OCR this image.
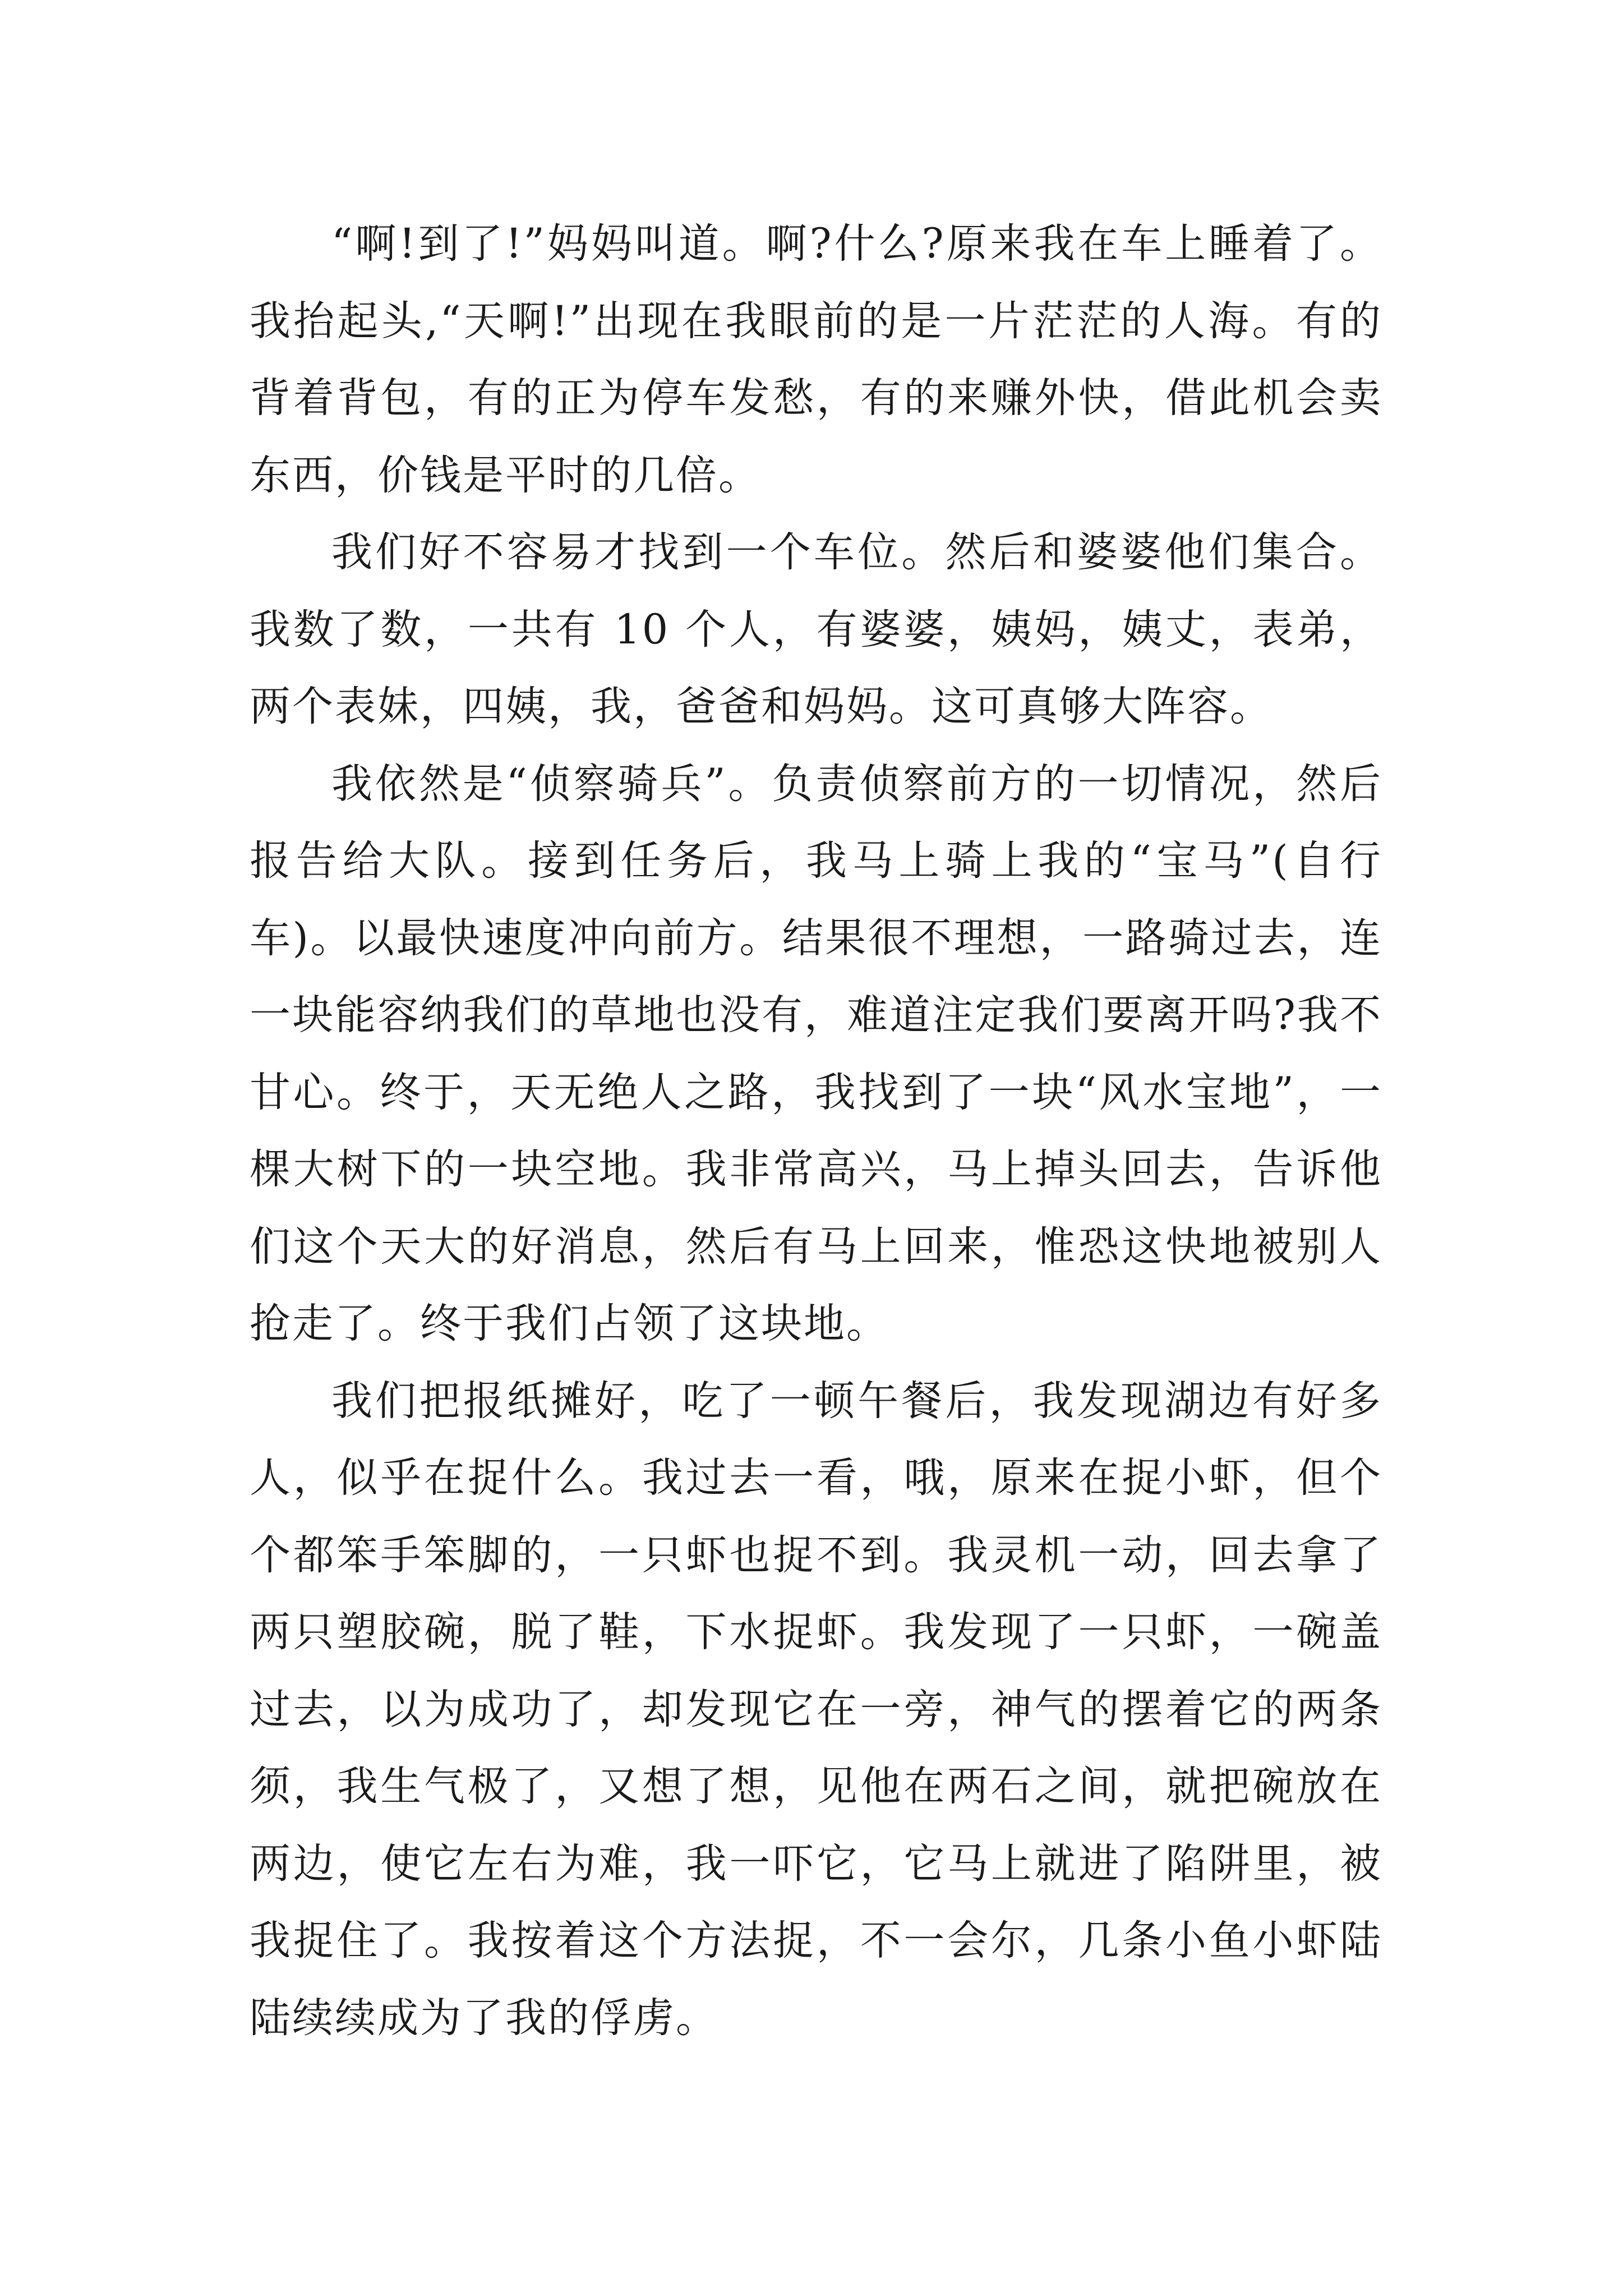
“啊!到了!”妈妈叫道。啊?什么?原来我在车上睡着了。我抬起头,“天啊!”出现在我眼前的是一片茫茫的人海。有的背着背包，有的正为停车发愁，有的来赚外快，借此机会卖东西，价钱是平时的几倍。

我们好不容易才找到一个车位。然后和婆婆他们集合。我数了数，一共有 10 个人，有婆婆，姨妈，姨丈，表弟，两个表妹，四姨，我，爸爸和妈妈。这可真够大阵容。

我依然是“侦察骑兵”。负责侦察前方的一切情况，然后报告给大队。接到任务后，我马上骑上我的“宝马”(自行车)。以最快速度冲向前方。结果很不理想，一路骑过去，连一块能容纳我们的草地也没有，难道注定我们要离开吗?我不甘心。终于，天无绝人之路，我找到了一块“风水宝地”，一棵大树下的一块空地。我非常高兴，马上掉头回去，告诉他们这个天大的好消息，然后有马上回来，惟恐这快地被别人抢走了。终于我们占领了这块地。

我们把报纸摊好，吃了一顿午餐后，我发现湖边有好多人，似乎在捉什么。我过去一看，哦，原来在捉小虾，但个个都笨手笨脚的，一只虾也捉不到。我灵机一动，回去拿了两只塑胶碗，脱了鞋，下水捉虾。我发现了一只虾，一碗盖过去，以为成功了，却发现它在一旁，神气的摆着它的两条须，我生气极了，又想了想，见他在两石之间，就把碗放在两边，使它左右为难，我一吓它，它马上就进了陷阱里，被我捉住了。我按着这个方法捉，不一会尔，几条小鱼小虾陆陆续续成为了我的俘虏。
